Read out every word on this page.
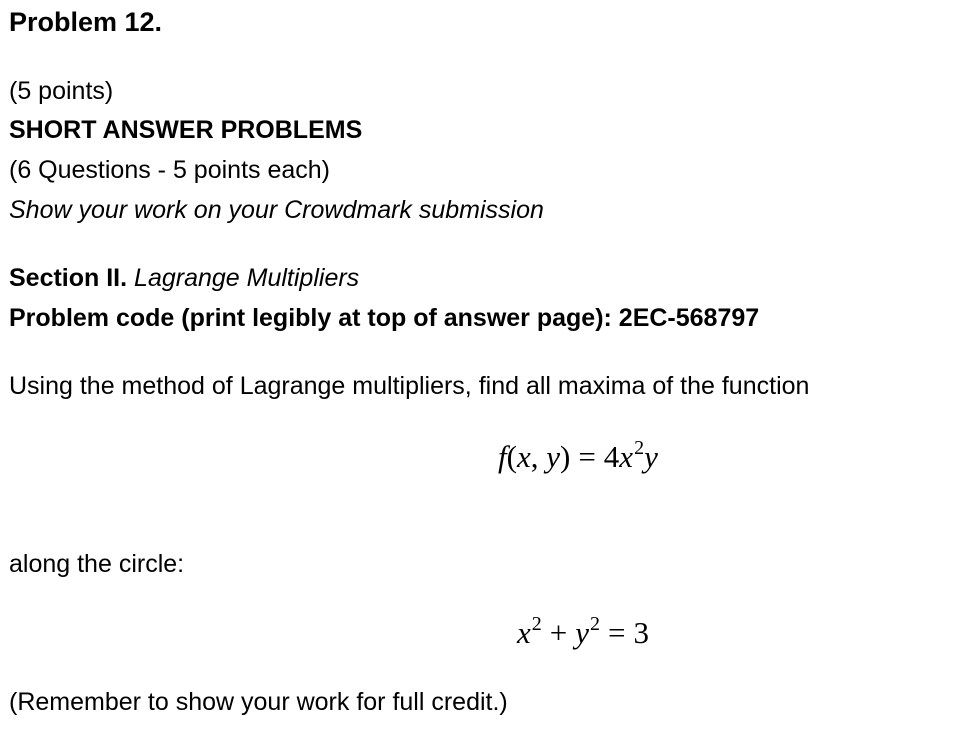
Problem 12.
(5 points)
SHORT ANSWER PROBLEMS
(6 Questions - 5 points each)
Show your work on your Crowdmark submission
Section II. Lagrange Multipliers
Problem code (print legibly at top of answer page): 2EC-568797
Using the method of Lagrange multipliers, find all maxima of the function
f(x, $y) = 4x^2y$
along the circle:
$x^2 + y^2 = 3$
(Remember to show your work for full credit.)
